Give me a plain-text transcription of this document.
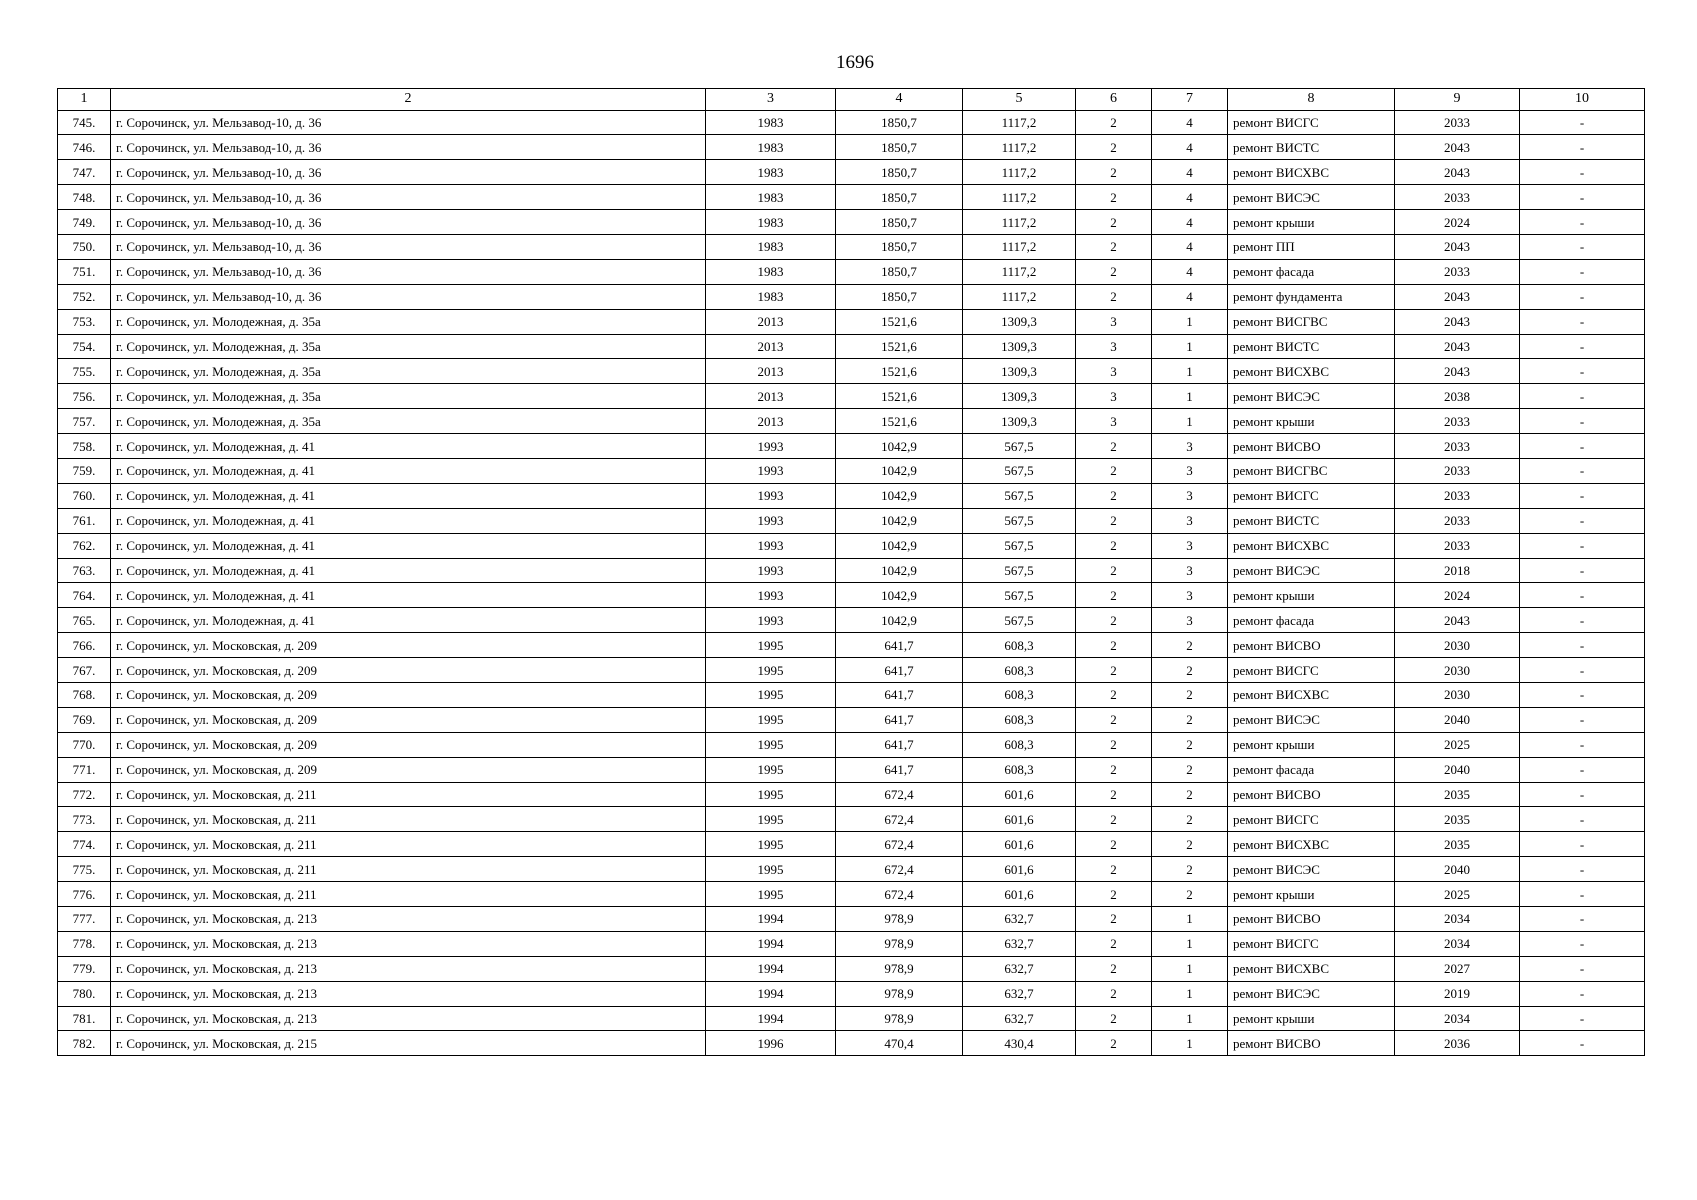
1696
1	2	3	4	5	6	7	8	9	10
745.	г. Сорочинск, ул. Мельзавод-10, д. 36	1983	1850,7	1117,2	2	4	ремонт ВИСГС	2033	-
746.	г. Сорочинск, ул. Мельзавод-10, д. 36	1983	1850,7	1117,2	2	4	ремонт ВИСТС	2043	-
747.	г. Сорочинск, ул. Мельзавод-10, д. 36	1983	1850,7	1117,2	2	4	ремонт ВИСХВС	2043	-
748.	г. Сорочинск, ул. Мельзавод-10, д. 36	1983	1850,7	1117,2	2	4	ремонт ВИСЭС	2033	-
749.	г. Сорочинск, ул. Мельзавод-10, д. 36	1983	1850,7	1117,2	2	4	ремонт крыши	2024	-
750.	г. Сорочинск, ул. Мельзавод-10, д. 36	1983	1850,7	1117,2	2	4	ремонт ПП	2043	-
751.	г. Сорочинск, ул. Мельзавод-10, д. 36	1983	1850,7	1117,2	2	4	ремонт фасада	2033	-
752.	г. Сорочинск, ул. Мельзавод-10, д. 36	1983	1850,7	1117,2	2	4	ремонт фундамента	2043	-
753.	г. Сорочинск, ул. Молодежная, д. 35а	2013	1521,6	1309,3	3	1	ремонт ВИСГВС	2043	-
754.	г. Сорочинск, ул. Молодежная, д. 35а	2013	1521,6	1309,3	3	1	ремонт ВИСТС	2043	-
755.	г. Сорочинск, ул. Молодежная, д. 35а	2013	1521,6	1309,3	3	1	ремонт ВИСХВС	2043	-
756.	г. Сорочинск, ул. Молодежная, д. 35а	2013	1521,6	1309,3	3	1	ремонт ВИСЭС	2038	-
757.	г. Сорочинск, ул. Молодежная, д. 35а	2013	1521,6	1309,3	3	1	ремонт крыши	2033	-
758.	г. Сорочинск, ул. Молодежная, д. 41	1993	1042,9	567,5	2	3	ремонт ВИСВО	2033	-
759.	г. Сорочинск, ул. Молодежная, д. 41	1993	1042,9	567,5	2	3	ремонт ВИСГВС	2033	-
760.	г. Сорочинск, ул. Молодежная, д. 41	1993	1042,9	567,5	2	3	ремонт ВИСГС	2033	-
761.	г. Сорочинск, ул. Молодежная, д. 41	1993	1042,9	567,5	2	3	ремонт ВИСТС	2033	-
762.	г. Сорочинск, ул. Молодежная, д. 41	1993	1042,9	567,5	2	3	ремонт ВИСХВС	2033	-
763.	г. Сорочинск, ул. Молодежная, д. 41	1993	1042,9	567,5	2	3	ремонт ВИСЭС	2018	-
764.	г. Сорочинск, ул. Молодежная, д. 41	1993	1042,9	567,5	2	3	ремонт крыши	2024	-
765.	г. Сорочинск, ул. Молодежная, д. 41	1993	1042,9	567,5	2	3	ремонт фасада	2043	-
766.	г. Сорочинск, ул. Московская, д. 209	1995	641,7	608,3	2	2	ремонт ВИСВО	2030	-
767.	г. Сорочинск, ул. Московская, д. 209	1995	641,7	608,3	2	2	ремонт ВИСГС	2030	-
768.	г. Сорочинск, ул. Московская, д. 209	1995	641,7	608,3	2	2	ремонт ВИСХВС	2030	-
769.	г. Сорочинск, ул. Московская, д. 209	1995	641,7	608,3	2	2	ремонт ВИСЭС	2040	-
770.	г. Сорочинск, ул. Московская, д. 209	1995	641,7	608,3	2	2	ремонт крыши	2025	-
771.	г. Сорочинск, ул. Московская, д. 209	1995	641,7	608,3	2	2	ремонт фасада	2040	-
772.	г. Сорочинск, ул. Московская, д. 211	1995	672,4	601,6	2	2	ремонт ВИСВО	2035	-
773.	г. Сорочинск, ул. Московская, д. 211	1995	672,4	601,6	2	2	ремонт ВИСГС	2035	-
774.	г. Сорочинск, ул. Московская, д. 211	1995	672,4	601,6	2	2	ремонт ВИСХВС	2035	-
775.	г. Сорочинск, ул. Московская, д. 211	1995	672,4	601,6	2	2	ремонт ВИСЭС	2040	-
776.	г. Сорочинск, ул. Московская, д. 211	1995	672,4	601,6	2	2	ремонт крыши	2025	-
777.	г. Сорочинск, ул. Московская, д. 213	1994	978,9	632,7	2	1	ремонт ВИСВО	2034	-
778.	г. Сорочинск, ул. Московская, д. 213	1994	978,9	632,7	2	1	ремонт ВИСГС	2034	-
779.	г. Сорочинск, ул. Московская, д. 213	1994	978,9	632,7	2	1	ремонт ВИСХВС	2027	-
780.	г. Сорочинск, ул. Московская, д. 213	1994	978,9	632,7	2	1	ремонт ВИСЭС	2019	-
781.	г. Сорочинск, ул. Московская, д. 213	1994	978,9	632,7	2	1	ремонт крыши	2034	-
782.	г. Сорочинск, ул. Московская, д. 215	1996	470,4	430,4	2	1	ремонт ВИСВО	2036	-
